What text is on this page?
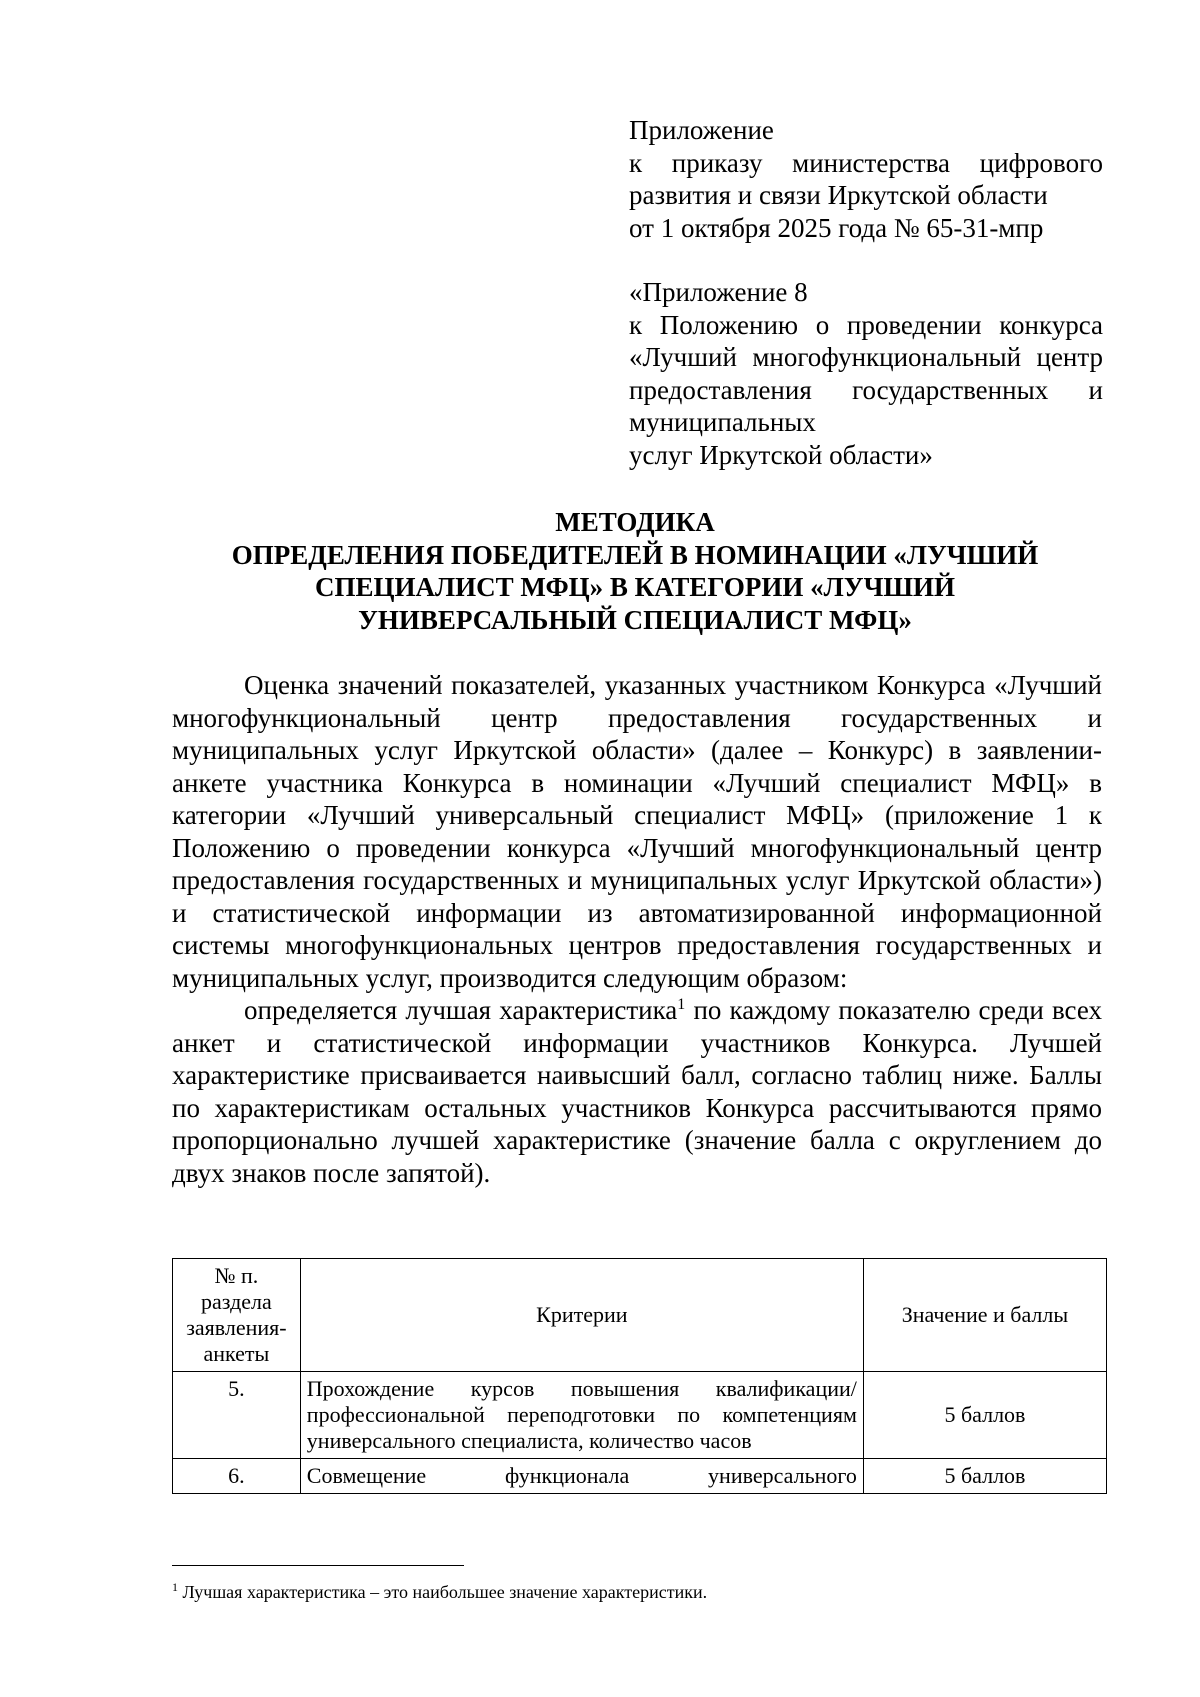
Приложение

к приказу министерства цифрового развития и связи Иркутской области

от 1 октября 2025 года № 65-31-мпр

«Приложение 8

к Положению о проведении конкурса «Лучший многофункциональный центр предоставления государственных и муниципальных

услуг Иркутской области»

МЕТОДИКА

ОПРЕДЕЛЕНИЯ ПОБЕДИТЕЛЕЙ В НОМИНАЦИИ «ЛУЧШИЙ

СПЕЦИАЛИСТ МФЦ» В КАТЕГОРИИ «ЛУЧШИЙ

УНИВЕРСАЛЬНЫЙ СПЕЦИАЛИСТ МФЦ»

Оценка значений показателей, указанных участником Конкурса «Лучший многофункциональный центр предоставления государственных и муниципальных услуг Иркутской области» (далее – Конкурс) в заявлении-анкете участника Конкурса в номинации «Лучший специалист МФЦ» в категории «Лучший универсальный специалист МФЦ» (приложение 1 к Положению о проведении конкурса «Лучший многофункциональный центр предоставления государственных и муниципальных услуг Иркутской области») и статистической информации из автоматизированной информационной системы многофункциональных центров предоставления государственных и муниципальных услуг, производится следующим образом:

определяется лучшая характеристика$^1$ по каждому показателю среди всех анкет и статистической информации участников Конкурса. Лучшей характеристике присваивается наивысший балл, согласно таблиц ниже. Баллы по характеристикам остальных участников Конкурса рассчитываются прямо пропорционально лучшей характеристике (значение балла с округлением до двух знаков после запятой).

№ п. раздела заявления-анкеты	Критерии	Значение и баллы
5.	Прохождение курсов повышения квалификации/ профессиональной переподготовки по компетенциям универсального специалиста, количество часов	5 баллов
6.	Совмещение функционала универсального	5 баллов
$^1$ Лучшая характеристика – это наибольшее значение характеристики.
